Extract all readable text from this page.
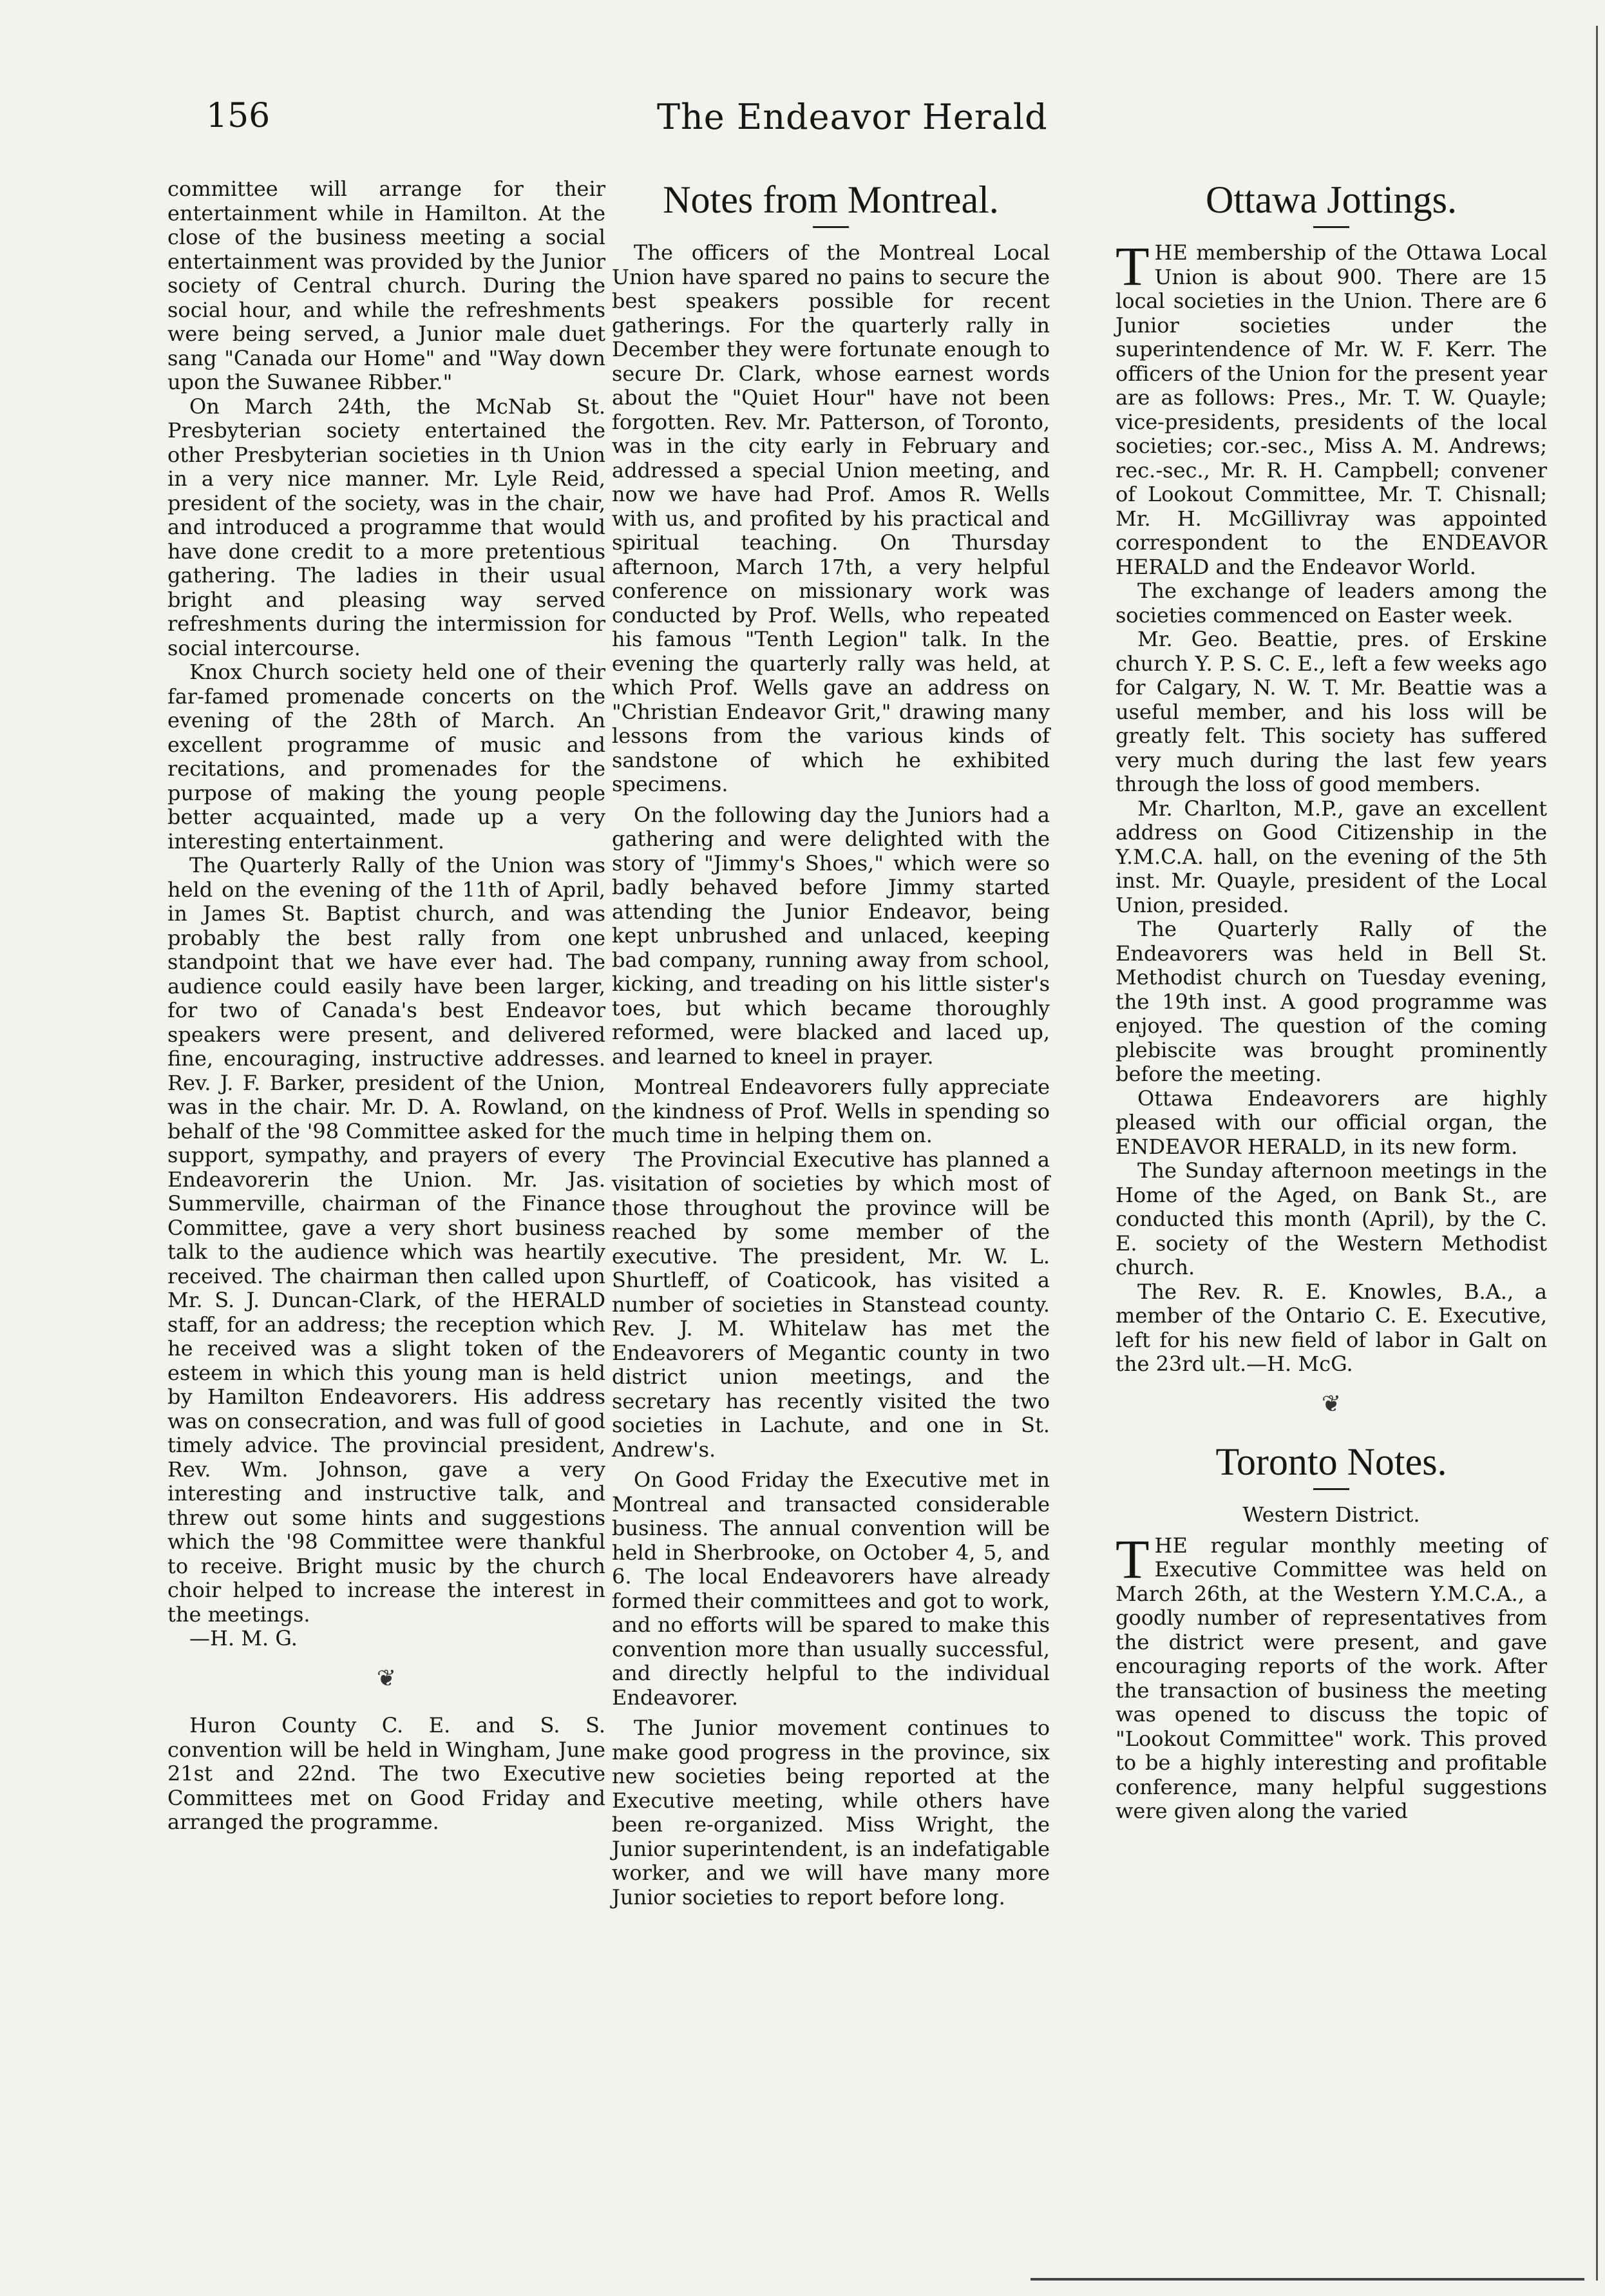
156	The Endeavor Herald

committee will arrange for their entertainment while in Hamilton. At the close of the business meeting a social entertainment was provided by the Junior society of Central church. During the social hour, and while the refreshments were being served, a Junior male duet sang "Canada our Home" and "Way down upon the Suwanee Ribber."

On March 24th, the McNab St. Presbyterian society entertained the other Presbyterian societies in th Union in a very nice manner. Mr. Lyle Reid, president of the society, was in the chair, and introduced a programme that would have done credit to a more pretentious gathering. The ladies in their usual bright and pleasing way served refreshments during the intermission for social intercourse.

Knox Church society held one of their far-famed promenade concerts on the evening of the 28th of March. An excellent programme of music and recitations, and promenades for the purpose of making the young people better acquainted, made up a very interesting entertainment.

The Quarterly Rally of the Union was held on the evening of the 11th of April, in James St. Baptist church, and was probably the best rally from one standpoint that we have ever had. The audience could easily have been larger, for two of Canada's best Endeavor speakers were present, and delivered fine, encouraging, instructive addresses. Rev. J. F. Barker, president of the Union, was in the chair. Mr. D. A. Rowland, on behalf of the '98 Committee asked for the support, sympathy, and prayers of every Endeavorerin the Union. Mr. Jas. Summerville, chairman of the Finance Committee, gave a very short business talk to the audience which was heartily received. The chairman then called upon Mr. S. J. Duncan-Clark, of the HERALD staff, for an address; the reception which he received was a slight token of the esteem in which this young man is held by Hamilton Endeavorers. His address was on consecration, and was full of good timely advice. The provincial president, Rev. Wm. Johnson, gave a very interesting and instructive talk, and threw out some hints and suggestions which the '98 Committee were thankful to receive. Bright music by the church choir helped to increase the interest in the meetings.

—H. M. G.

❦

Huron County C. E. and S. S. convention will be held in Wingham, June 21st and 22nd. The two Executive Committees met on Good Friday and arranged the programme.

Notes from Montreal.

The officers of the Montreal Local Union have spared no pains to secure the best speakers possible for recent gatherings. For the quarterly rally in December they were fortunate enough to secure Dr. Clark, whose earnest words about the "Quiet Hour" have not been forgotten. Rev. Mr. Patterson, of Toronto, was in the city early in February and addressed a special Union meeting, and now we have had Prof. Amos R. Wells with us, and profited by his practical and spiritual teaching. On Thursday afternoon, March 17th, a very helpful conference on missionary work was conducted by Prof. Wells, who repeated his famous "Tenth Legion" talk. In the evening the quarterly rally was held, at which Prof. Wells gave an address on "Christian Endeavor Grit," drawing many lessons from the various kinds of sandstone of which he exhibited specimens.

On the following day the Juniors had a gathering and were delighted with the story of "Jimmy's Shoes," which were so badly behaved before Jimmy started attending the Junior Endeavor, being kept unbrushed and unlaced, keeping bad company, running away from school, kicking, and treading on his little sister's toes, but which became thoroughly reformed, were blacked and laced up, and learned to kneel in prayer.

Montreal Endeavorers fully appreciate the kindness of Prof. Wells in spending so much time in helping them on.

The Provincial Executive has planned a visitation of societies by which most of those throughout the province will be reached by some member of the executive. The president, Mr. W. L. Shurtleff, of Coaticook, has visited a number of societies in Stanstead county. Rev. J. M. Whitelaw has met the Endeavorers of Megantic county in two district union meetings, and the secretary has recently visited the two societies in Lachute, and one in St. Andrew's.

On Good Friday the Executive met in Montreal and transacted considerable business. The annual convention will be held in Sherbrooke, on October 4, 5, and 6. The local Endeavorers have already formed their committees and got to work, and no efforts will be spared to make this convention more than usually successful, and directly helpful to the individual Endeavorer.

The Junior movement continues to make good progress in the province, six new societies being reported at the Executive meeting, while others have been re-organized. Miss Wright, the Junior superintendent, is an indefatigable worker, and we will have many more Junior societies to report before long.

Ottawa Jottings.

THE membership of the Ottawa Local Union is about 900. There are 15 local societies in the Union. There are 6 Junior societies under the superintendence of Mr. W. F. Kerr. The officers of the Union for the present year are as follows: Pres., Mr. T. W. Quayle; vice-presidents, presidents of the local societies; cor.-sec., Miss A. M. Andrews; rec.-sec., Mr. R. H. Campbell; convener of Lookout Committee, Mr. T. Chisnall; Mr. H. McGillivray was appointed correspondent to the ENDEAVOR HERALD and the Endeavor World.

The exchange of leaders among the societies commenced on Easter week.

Mr. Geo. Beattie, pres. of Erskine church Y. P. S. C. E., left a few weeks ago for Calgary, N. W. T. Mr. Beattie was a useful member, and his loss will be greatly felt. This society has suffered very much during the last few years through the loss of good members.

Mr. Charlton, M.P., gave an excellent address on Good Citizenship in the Y.M.C.A. hall, on the evening of the 5th inst. Mr. Quayle, president of the Local Union, presided.

The Quarterly Rally of the Endeavorers was held in Bell St. Methodist church on Tuesday evening, the 19th inst. A good programme was enjoyed. The question of the coming plebiscite was brought prominently before the meeting.

Ottawa Endeavorers are highly pleased with our official organ, the ENDEAVOR HERALD, in its new form.

The Sunday afternoon meetings in the Home of the Aged, on Bank St., are conducted this month (April), by the C. E. society of the Western Methodist church.

The Rev. R. E. Knowles, B.A., a member of the Ontario C. E. Executive, left for his new field of labor in Galt on the 23rd ult.—H. McG.

❦
Toronto Notes.
Western District.

THE regular monthly meeting of Executive Committee was held on March 26th, at the Western Y.M.C.A., a goodly number of representatives from the district were present, and gave encouraging reports of the work. After the transaction of business the meeting was opened to discuss the topic of "Lookout Committee" work. This proved to be a highly interesting and profitable conference, many helpful suggestions were given along the varied
